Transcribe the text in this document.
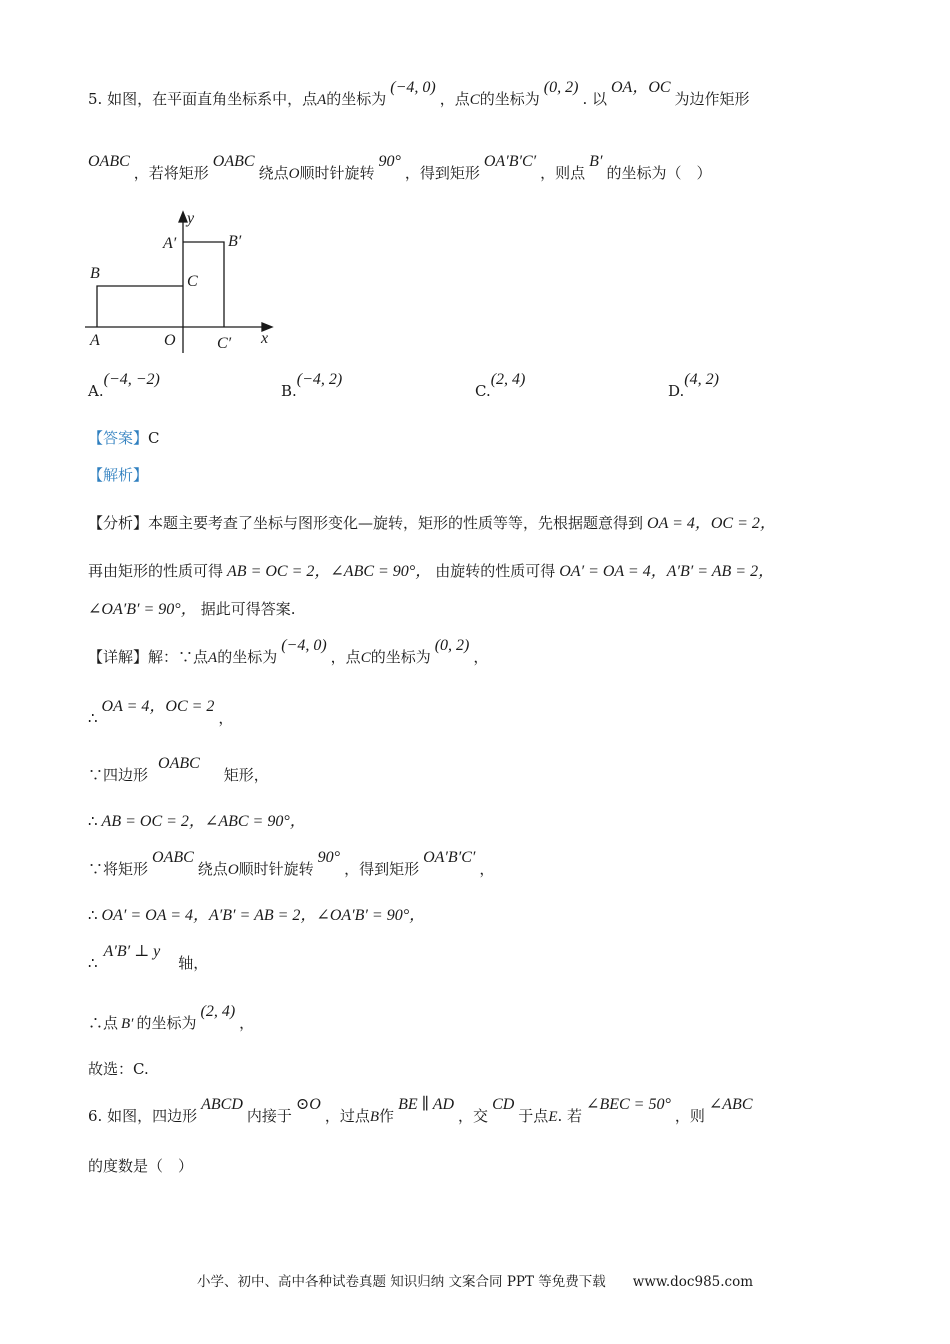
5. 如图，在平面直角坐标系中，点A的坐标为(−4, 0)，点C的坐标为(0, 2). 以OA，OC为边作矩形
OABC，若将矩形OABC绕点O顺时针旋转90°，得到矩形OA′B′C′，则点B′的坐标为（　）
y
x
A′	B′
B	C
A	O	C′
A.(−4, −2)
B.(−4, 2)
C.(2, 4)
D.(4, 2)
【答案】C
【解析】
【分析】本题主要考查了坐标与图形变化—旋转，矩形的性质等等，先根据题意得到 OA = 4，OC = 2，
再由矩形的性质可得 AB = OC = 2，∠ABC = 90°， 由旋转的性质可得 OA′ = OA = 4，A′B′ = AB = 2，
∠OA′B′ = 90°， 据此可得答案.
【详解】解：∵点A的坐标为(−4, 0)，点C的坐标为(0, 2)，
∴OA = 4，OC = 2，
∵四边形OABC矩形，
∴ AB = OC = 2，∠ABC = 90°，
∵将矩形OABC绕点O顺时针旋转90°，得到矩形OA′B′C′，
∴ OA′ = OA = 4，A′B′ = AB = 2，∠OA′B′ = 90°，
∴A′B′ ⊥ y轴，
∴点 B′ 的坐标为(2, 4)，
故选：C.
6. 如图，四边形ABCD内接于⊙O，过点B作BE ∥ AD，交CD于点E. 若∠BEC = 50°，则∠ABC
的度数是（　）
小学、初中、高中各种试卷真题 知识归纳 文案合同 PPT 等免费下载　　www.doc985.com
